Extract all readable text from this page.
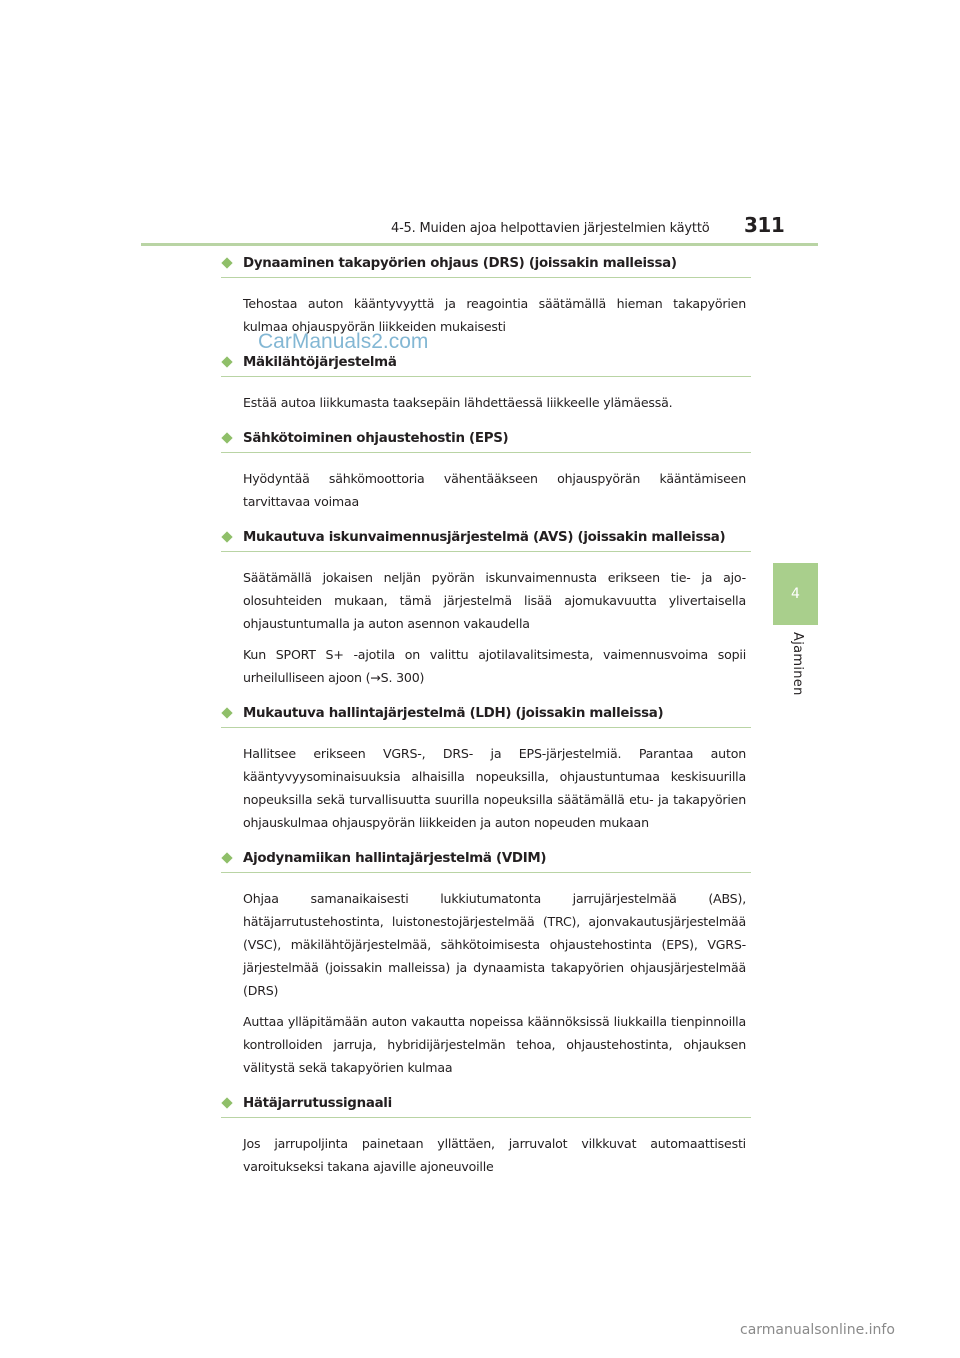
4-5. Muiden ajoa helpottavien järjestelmien käyttö 311
4
Ajaminen
Dynaaminen takapyörien ohjaus (DRS) (joissakin malleissa)
Tehostaa auton kääntyvyyttä ja reagointia säätämällä hieman takapyörien kulmaa ohjauspyörän liikkeiden mukaisesti
Mäkilähtöjärjestelmä
Estää autoa liikkumasta taaksepäin lähdettäessä liikkeelle ylämäessä.
Sähkötoiminen ohjaustehostin (EPS)
Hyödyntää sähkömoottoria vähentääkseen ohjauspyörän kääntämiseen tarvittavaa voimaa
Mukautuva iskunvaimennusjärjestelmä (AVS) (joissakin malleissa)
Säätämällä jokaisen neljän pyörän iskunvaimennusta erikseen tie- ja ajo-olosuhteiden mukaan, tämä järjestelmä lisää ajomukavuutta ylivertaisella ohjaustuntumalla ja auton asennon vakaudella
Kun SPORT S+ -ajotila on valittu ajotilavalitsimesta, vaimennusvoima sopii urheilulliseen ajoon (→S. 300)
Mukautuva hallintajärjestelmä (LDH) (joissakin malleissa)
Hallitsee erikseen VGRS-, DRS- ja EPS-järjestelmiä. Parantaa auton kääntyvyysominaisuuksia alhaisilla nopeuksilla, ohjaustuntumaa keskisuurilla nopeuksilla sekä turvallisuutta suurilla nopeuksilla säätämällä etu- ja takapyörien ohjauskulmaa ohjauspyörän liikkeiden ja auton nopeuden mukaan
Ajodynamiikan hallintajärjestelmä (VDIM)
Ohjaa samanaikaisesti lukkiutumatonta jarrujärjestelmää (ABS), hätäjarrutustehostinta, luistonestojärjestelmää (TRC), ajonvakautusjärjestelmää (VSC), mäkilähtöjärjestelmää, sähkötoimisesta ohjaustehostinta (EPS), VGRS-järjestelmää (joissakin malleissa) ja dynaamista takapyörien ohjausjärjestelmää (DRS)
Auttaa ylläpitämään auton vakautta nopeissa käännöksissä liukkailla tienpinnoilla kontrolloiden jarruja, hybridijärjestelmän tehoa, ohjaustehostinta, ohjauksen välitystä sekä takapyörien kulmaa
Hätäjarrutussignaali
Jos jarrupoljinta painetaan yllättäen, jarruvalot vilkkuvat automaattisesti varoitukseksi takana ajaville ajoneuvoille
CarManuals2.com
carmanualsonline.info
